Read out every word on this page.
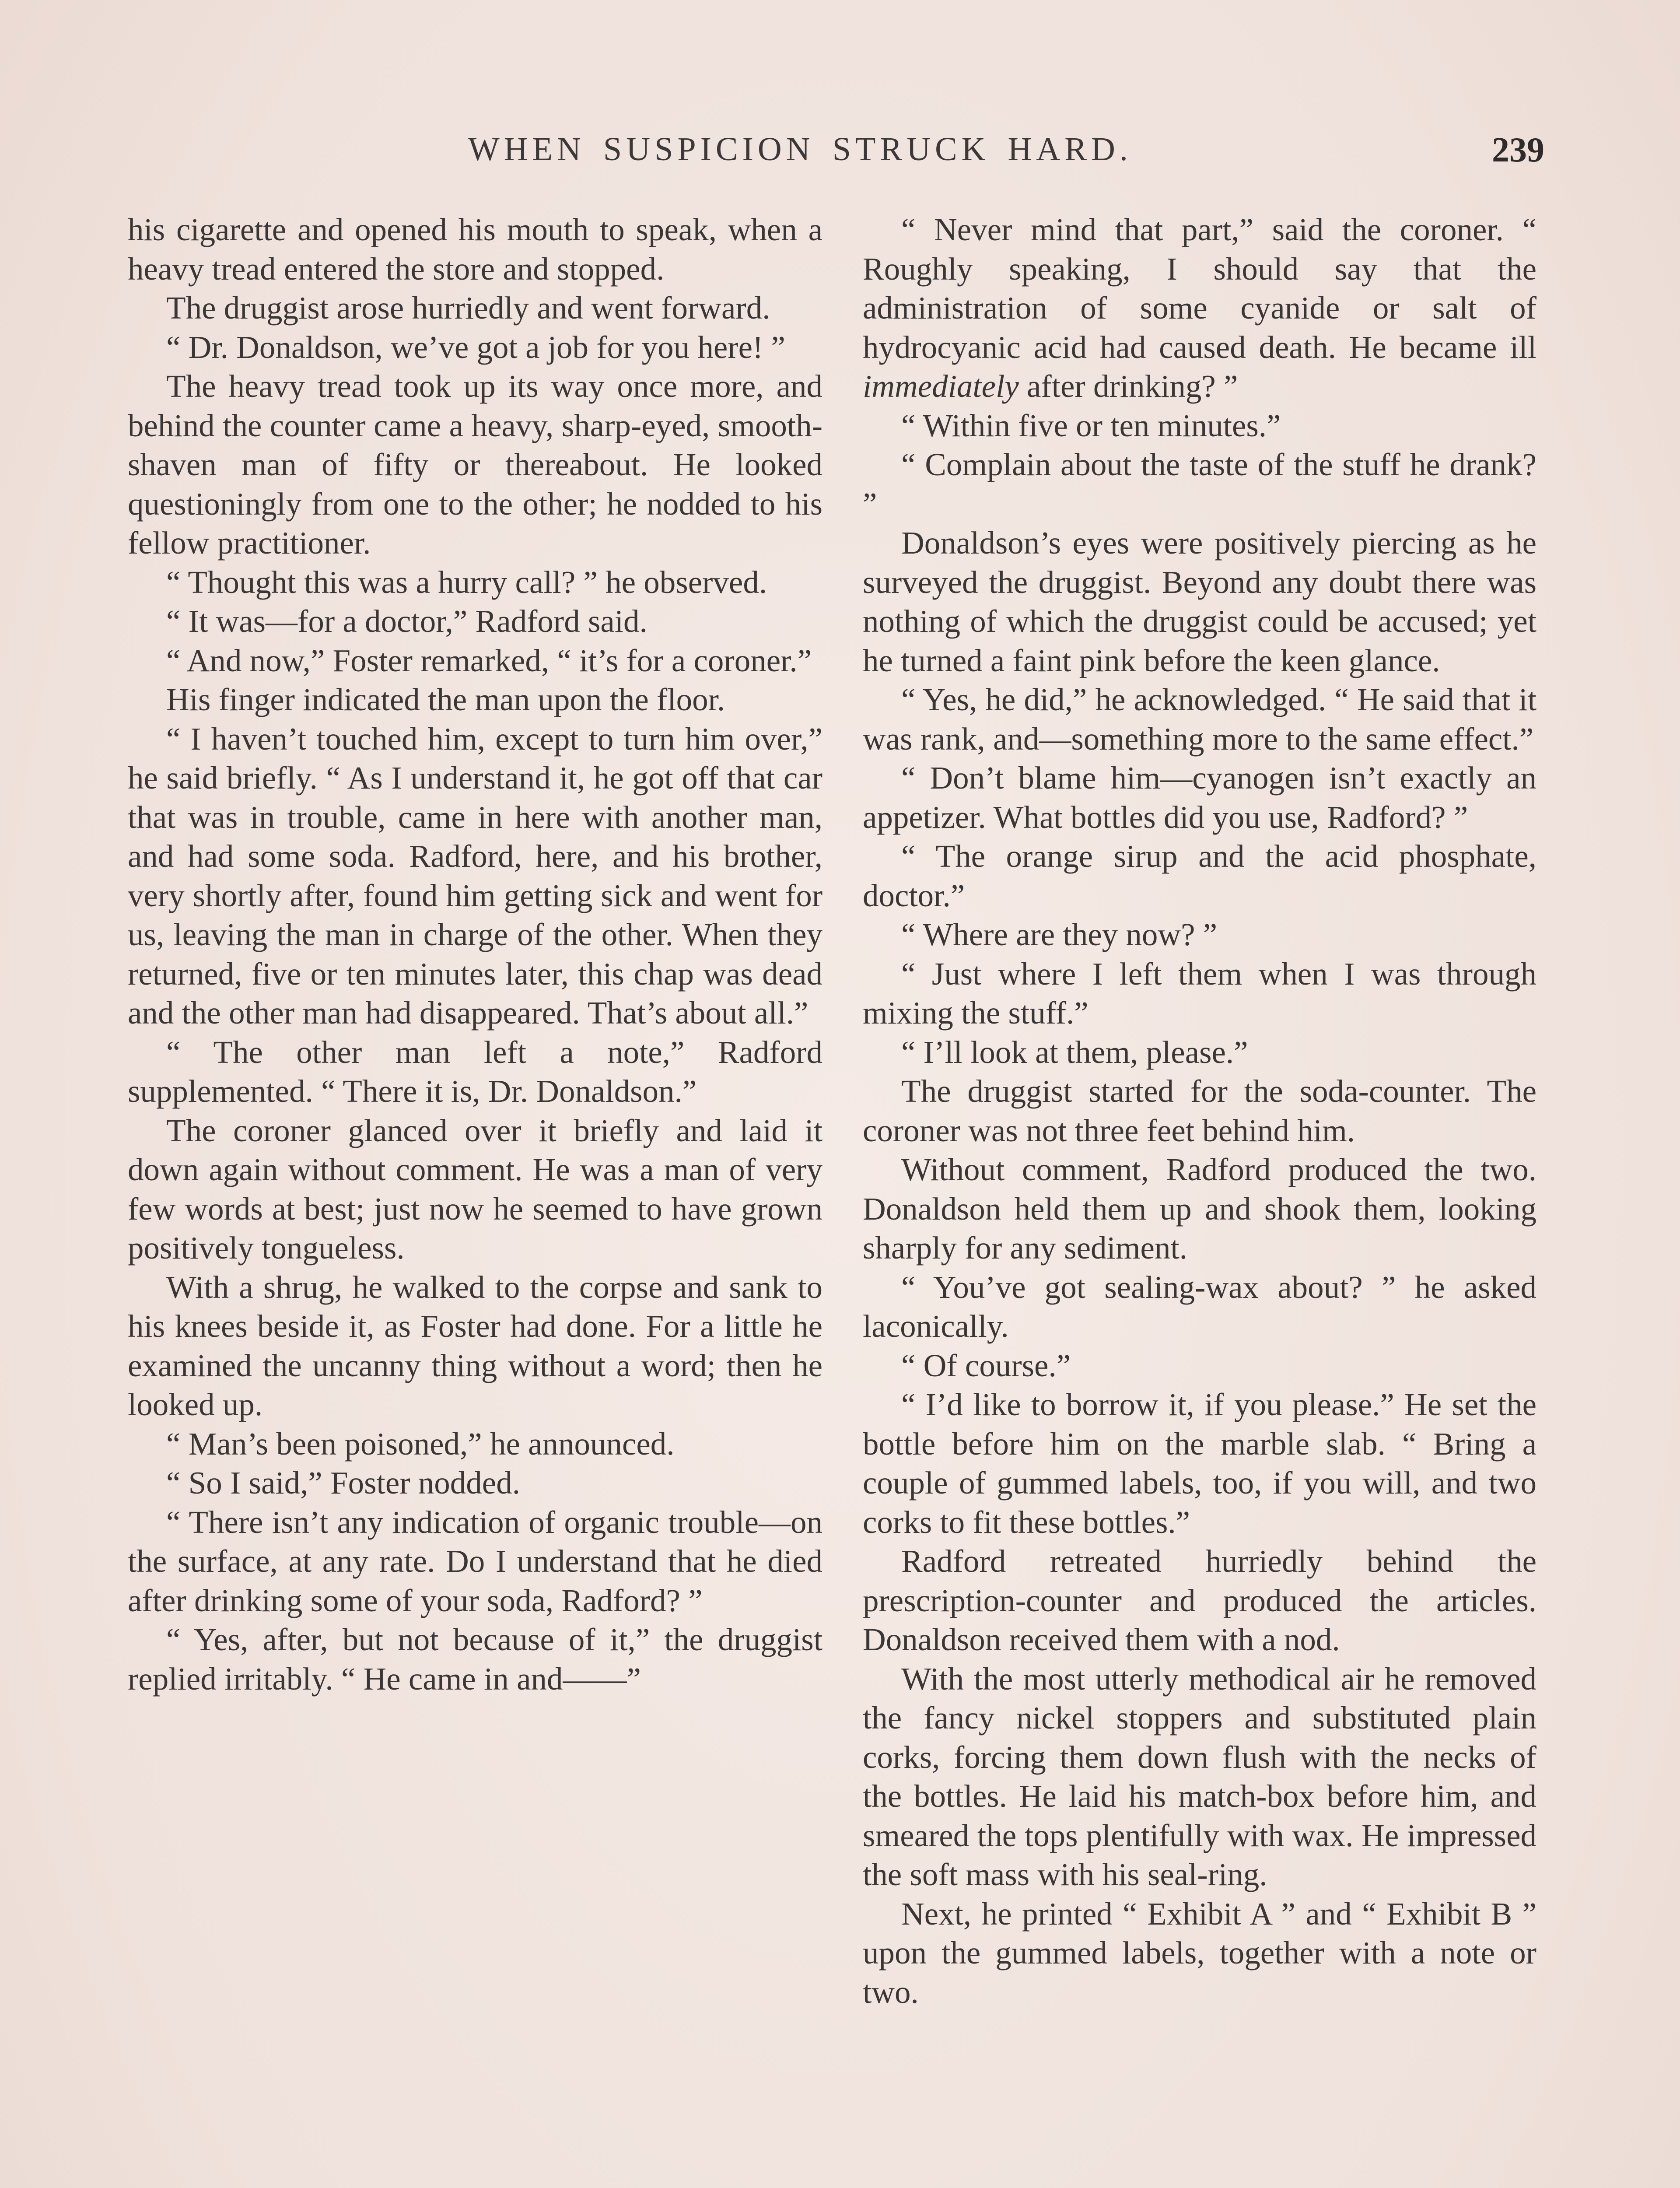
WHEN SUSPICION STRUCK HARD.	239

his cigarette and opened his mouth to speak, when a heavy tread entered the store and stopped.

The druggist arose hurriedly and went forward.

“ Dr. Donaldson, we’ve got a job for you here! ”

The heavy tread took up its way once more, and behind the counter came a heavy, sharp-eyed, smooth-shaven man of fifty or thereabout. He looked questioningly from one to the other; he nodded to his fellow practitioner.

“ Thought this was a hurry call? ” he observed.

“ It was—for a doctor,” Radford said.

“ And now,” Foster remarked, “ it’s for a coroner.”

His finger indicated the man upon the floor.

“ I haven’t touched him, except to turn him over,” he said briefly. “ As I understand it, he got off that car that was in trouble, came in here with another man, and had some soda. Radford, here, and his brother, very shortly after, found him getting sick and went for us, leaving the man in charge of the other. When they returned, five or ten minutes later, this chap was dead and the other man had disappeared. That’s about all.”

“ The other man left a note,” Radford supplemented. “ There it is, Dr. Donaldson.”

The coroner glanced over it briefly and laid it down again without comment. He was a man of very few words at best; just now he seemed to have grown positively tongueless.

With a shrug, he walked to the corpse and sank to his knees beside it, as Foster had done. For a little he examined the uncanny thing without a word; then he looked up.

“ Man’s been poisoned,” he announced.

“ So I said,” Foster nodded.

“ There isn’t any indication of organic trouble—on the surface, at any rate. Do I understand that he died after drinking some of your soda, Radford? ”

“ Yes, after, but not because of it,” the druggist replied irritably. “ He came in and——”

“ Never mind that part,” said the coroner. “ Roughly speaking, I should say that the administration of some cyanide or salt of hydrocyanic acid had caused death. He became ill immediately after drinking? ”

“ Within five or ten minutes.”

“ Complain about the taste of the stuff he drank? ”

Donaldson’s eyes were positively piercing as he surveyed the druggist. Beyond any doubt there was nothing of which the druggist could be accused; yet he turned a faint pink before the keen glance.

“ Yes, he did,” he acknowledged. “ He said that it was rank, and—something more to the same effect.”

“ Don’t blame him—cyanogen isn’t exactly an appetizer. What bottles did you use, Radford? ”

“ The orange sirup and the acid phosphate, doctor.”

“ Where are they now? ”

“ Just where I left them when I was through mixing the stuff.”

“ I’ll look at them, please.”

The druggist started for the soda-counter. The coroner was not three feet behind him.

Without comment, Radford produced the two. Donaldson held them up and shook them, looking sharply for any sediment.

“ You’ve got sealing-wax about? ” he asked laconically.

“ Of course.”

“ I’d like to borrow it, if you please.” He set the bottle before him on the marble slab. “ Bring a couple of gummed labels, too, if you will, and two corks to fit these bottles.”

Radford retreated hurriedly behind the prescription-counter and produced the articles. Donaldson received them with a nod.

With the most utterly methodical air he removed the fancy nickel stoppers and substituted plain corks, forcing them down flush with the necks of the bottles. He laid his match-box before him, and smeared the tops plentifully with wax. He impressed the soft mass with his seal-ring.

Next, he printed “ Exhibit A ” and “ Exhibit B ” upon the gummed labels, together with a note or two.
